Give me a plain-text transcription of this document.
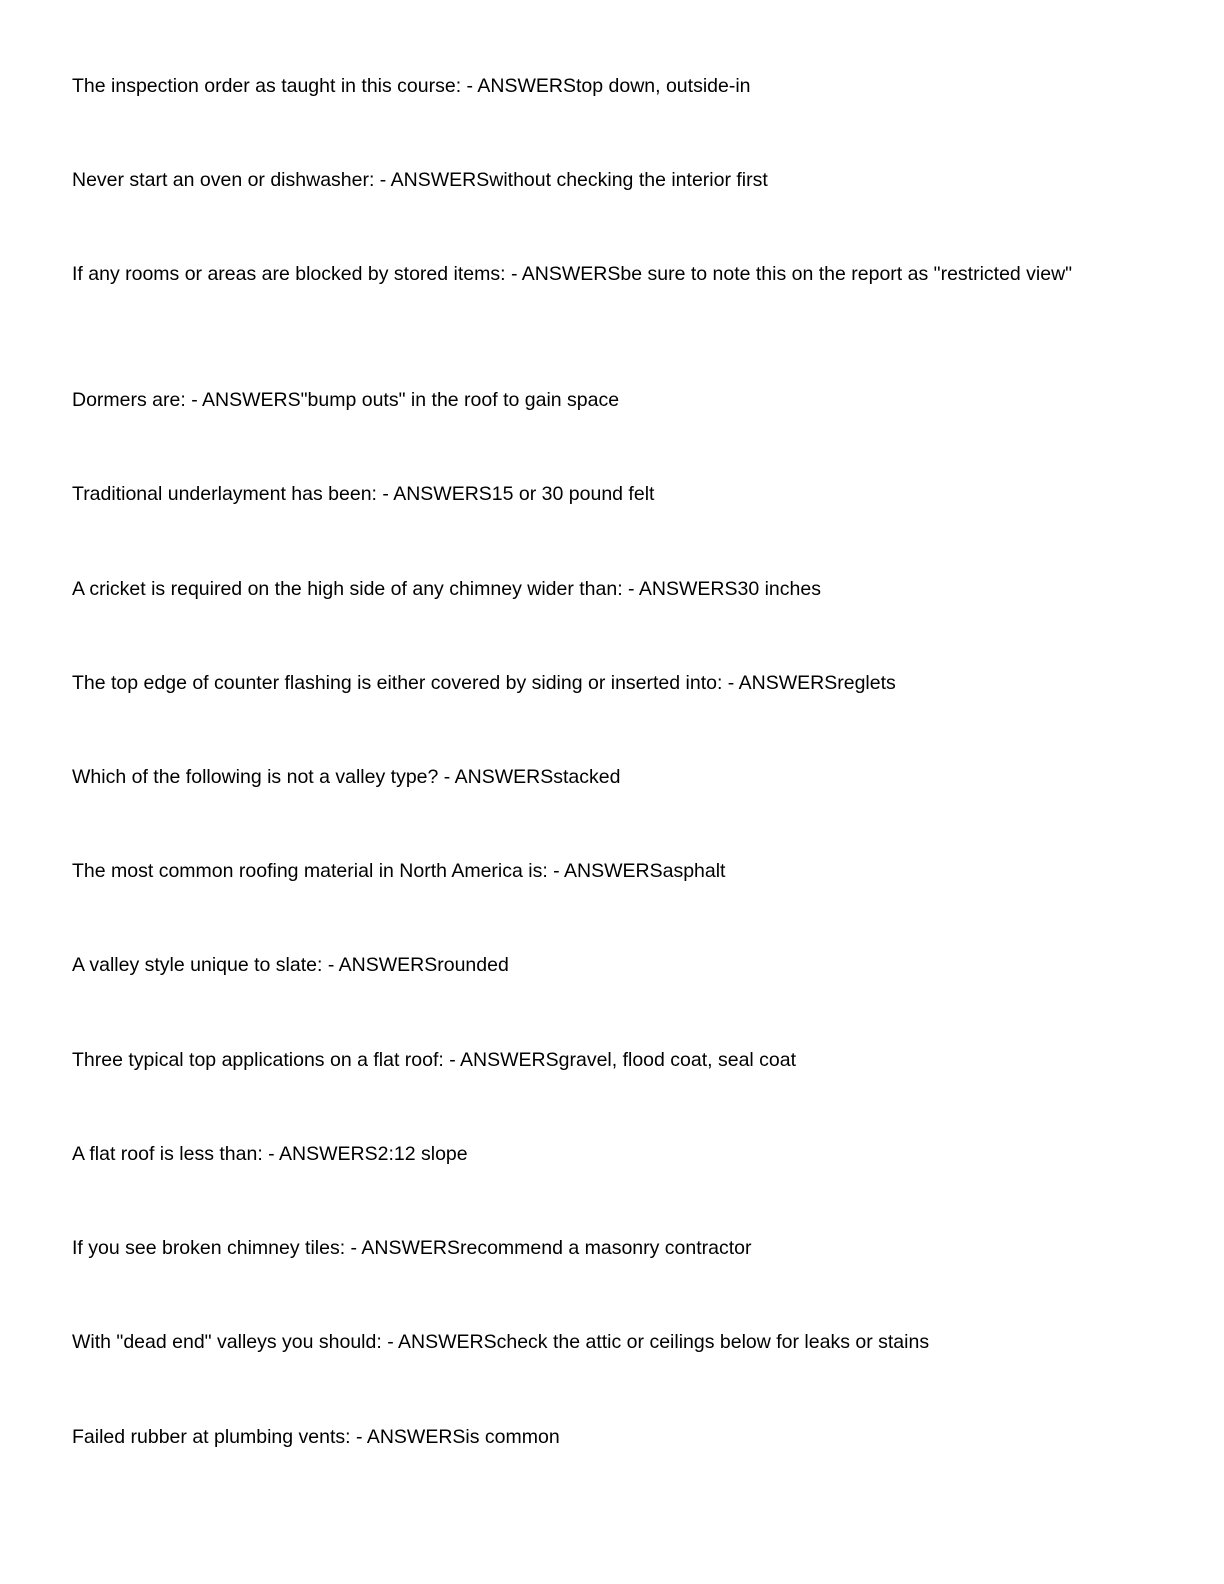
The inspection order as taught in this course: - ANSWERStop down, outside-in

Never start an oven or dishwasher: - ANSWERSwithout checking the interior first

If any rooms or areas are blocked by stored items: - ANSWERSbe sure to note this on the report as "restricted view"

Dormers are: - ANSWERS"bump outs" in the roof to gain space

Traditional underlayment has been: - ANSWERS15 or 30 pound felt

A cricket is required on the high side of any chimney wider than: - ANSWERS30 inches

The top edge of counter flashing is either covered by siding or inserted into: - ANSWERSreglets

Which of the following is not a valley type? - ANSWERSstacked

The most common roofing material in North America is: - ANSWERSasphalt

A valley style unique to slate: - ANSWERSrounded

Three typical top applications on a flat roof: - ANSWERSgravel, flood coat, seal coat

A flat roof is less than: - ANSWERS2:12 slope

If you see broken chimney tiles: - ANSWERSrecommend a masonry contractor

With "dead end" valleys you should: - ANSWERScheck the attic or ceilings below for leaks or stains

Failed rubber at plumbing vents: - ANSWERSis common
